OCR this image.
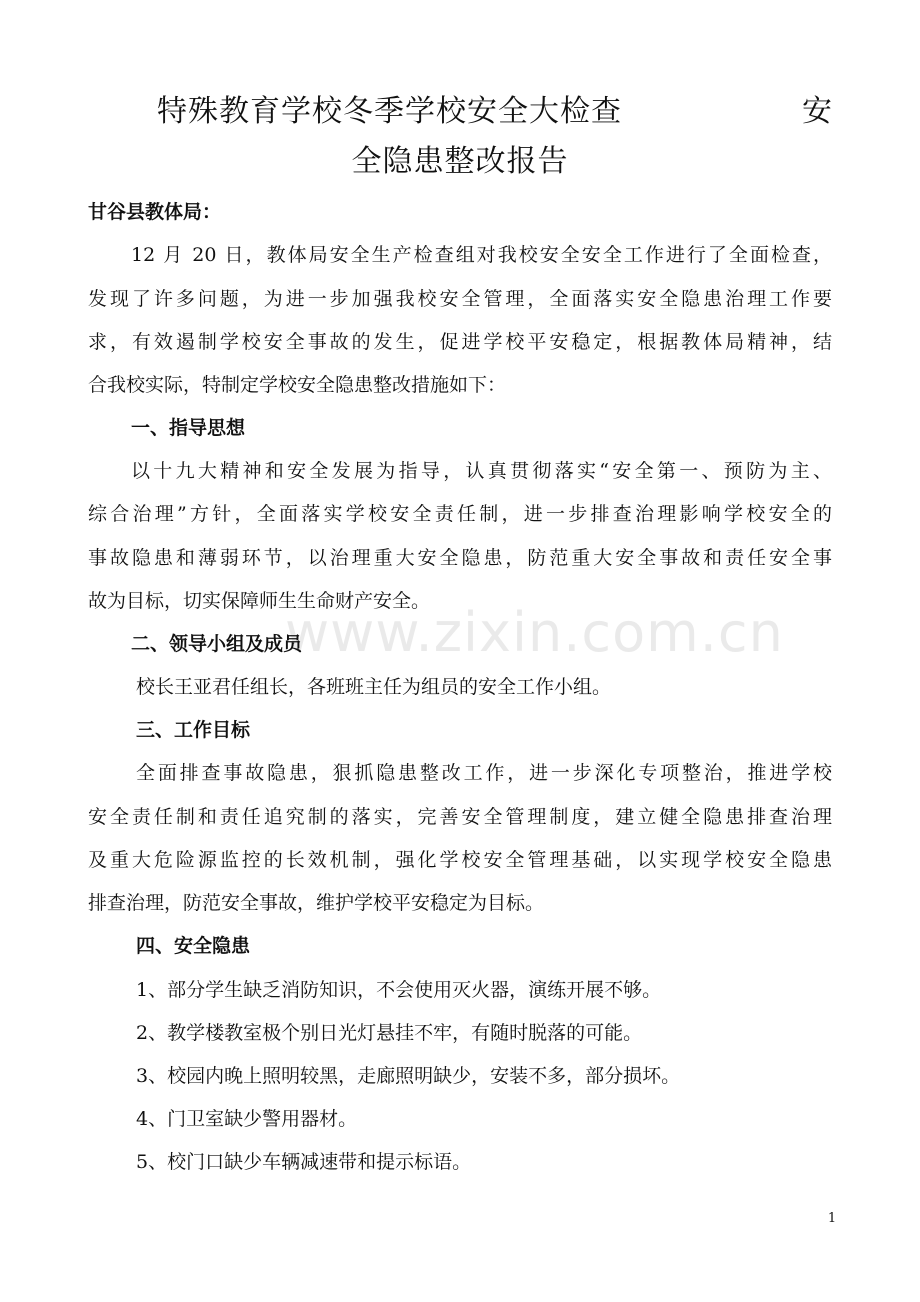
www.zixin.com.cn
特殊教育学校冬季学校安全大检查	安
全隐患整改报告
甘谷县教体局：
12 月 20 日，教体局安全生产检查组对我校安全安全工作进行了全面检查，
发现了许多问题，为进一步加强我校安全管理，全面落实安全隐患治理工作要
求，有效遏制学校安全事故的发生，促进学校平安稳定，根据教体局精神，结
合我校实际，特制定学校安全隐患整改措施如下：
一、指导思想
以十九大精神和安全发展为指导，认真贯彻落实“安全第一、预防为主、
综合治理”方针，全面落实学校安全责任制，进一步排查治理影响学校安全的
事故隐患和薄弱环节，以治理重大安全隐患，防范重大安全事故和责任安全事
故为目标，切实保障师生生命财产安全。
二、领导小组及成员
校长王亚君任组长，各班班主任为组员的安全工作小组。
三、工作目标
全面排查事故隐患，狠抓隐患整改工作，进一步深化专项整治，推进学校
安全责任制和责任追究制的落实，完善安全管理制度，建立健全隐患排查治理
及重大危险源监控的长效机制，强化学校安全管理基础，以实现学校安全隐患
排查治理，防范安全事故，维护学校平安稳定为目标。
四、安全隐患
1、部分学生缺乏消防知识，不会使用灭火器，演练开展不够。
2、教学楼教室极个别日光灯悬挂不牢，有随时脱落的可能。
3、校园内晚上照明较黑，走廊照明缺少，安装不多，部分损坏。
4、门卫室缺少警用器材。
5、校门口缺少车辆减速带和提示标语。
1
